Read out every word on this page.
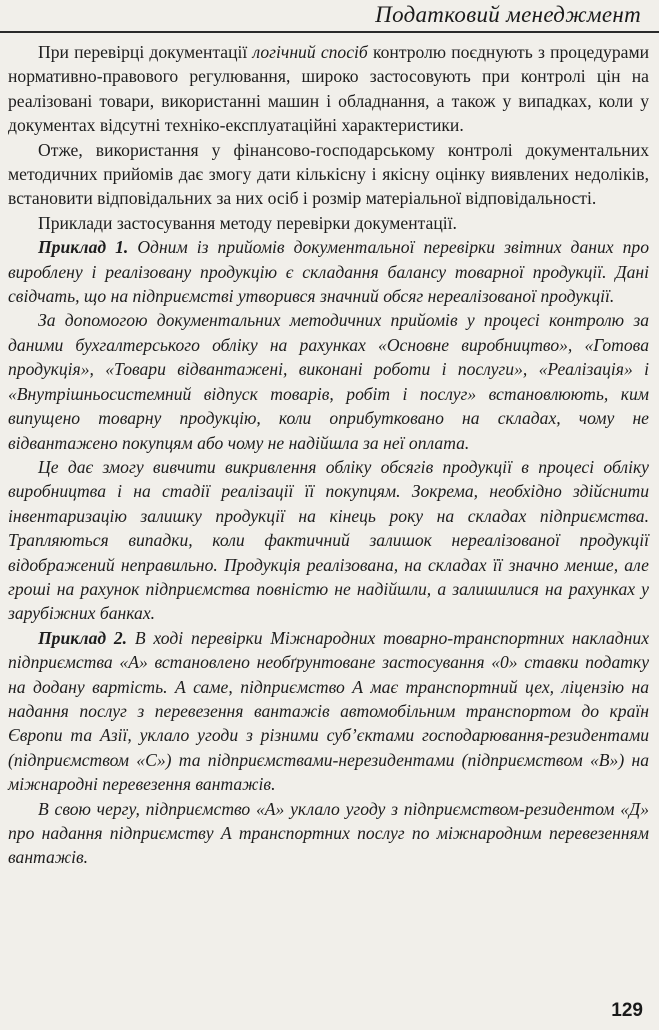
Податковий менеджмент

При перевірці документації логічний спосіб контролю поєднують з процедурами нормативно-правового регулювання, широко застосовують при контролі цін на реалізовані товари, використанні машин і обладнання, а також у випадках, коли у документах відсутні техніко-експлуатаційні характеристики.

Отже, використання у фінансово-господарському контролі документальних методичних прийомів дає змогу дати кількісну і якісну оцінку виявлених недоліків, встановити відповідальних за них осіб і розмір матеріальної відповідальності.

Приклади застосування методу перевірки документації.

Приклад 1. Одним із прийомів документальної перевірки звітних даних про вироблену і реалізовану продукцію є складання балансу товарної продукції. Дані свідчать, що на підприємстві утворився значний обсяг нереалізованої продукції.

За допомогою документальних методичних прийомів у процесі контролю за даними бухгалтерського обліку на рахунках «Основне виробництво», «Готова продукція», «Товари відвантажені, виконані роботи і послуги», «Реалізація» і «Внутрішньосистемний відпуск товарів, робіт і послуг» встановлюють, ким випущено товарну продукцію, коли оприбутковано на складах, чому не відвантажено покупцям або чому не надійшла за неї оплата.

Це дає змогу вивчити викривлення обліку обсягів продукції в процесі обліку виробництва і на стадії реалізації її покупцям. Зокрема, необхідно здійснити інвентаризацію залишку продукції на кінець року на складах підприємства. Трапляються випадки, коли фактичний залишок нереалізованої продукції відображений неправильно. Продукція реалізована, на складах її значно менше, але гроші на рахунок підприємства повністю не надійшли, а залишилися на рахунках у зарубіжних банках.

Приклад 2. В ході перевірки Міжнародних товарно-транспортних накладних підприємства «А» встановлено необґрунтоване застосування «0» ставки податку на додану вартість. А саме, підприємство А має транспортний цех, ліцензію на надання послуг з перевезення вантажів автомобільним транспортом до країн Європи та Азії, уклало угоди з різними суб’єктами господарювання-резидентами (підприємством «С») та підприємствами-нерезидентами (підприємством «В») на міжнародні перевезення вантажів.

В свою чергу, підприємство «А» уклало угоду з підприємством-резидентом «Д» про надання підприємству А транспортних послуг по міжнародним перевезенням вантажів.

129
